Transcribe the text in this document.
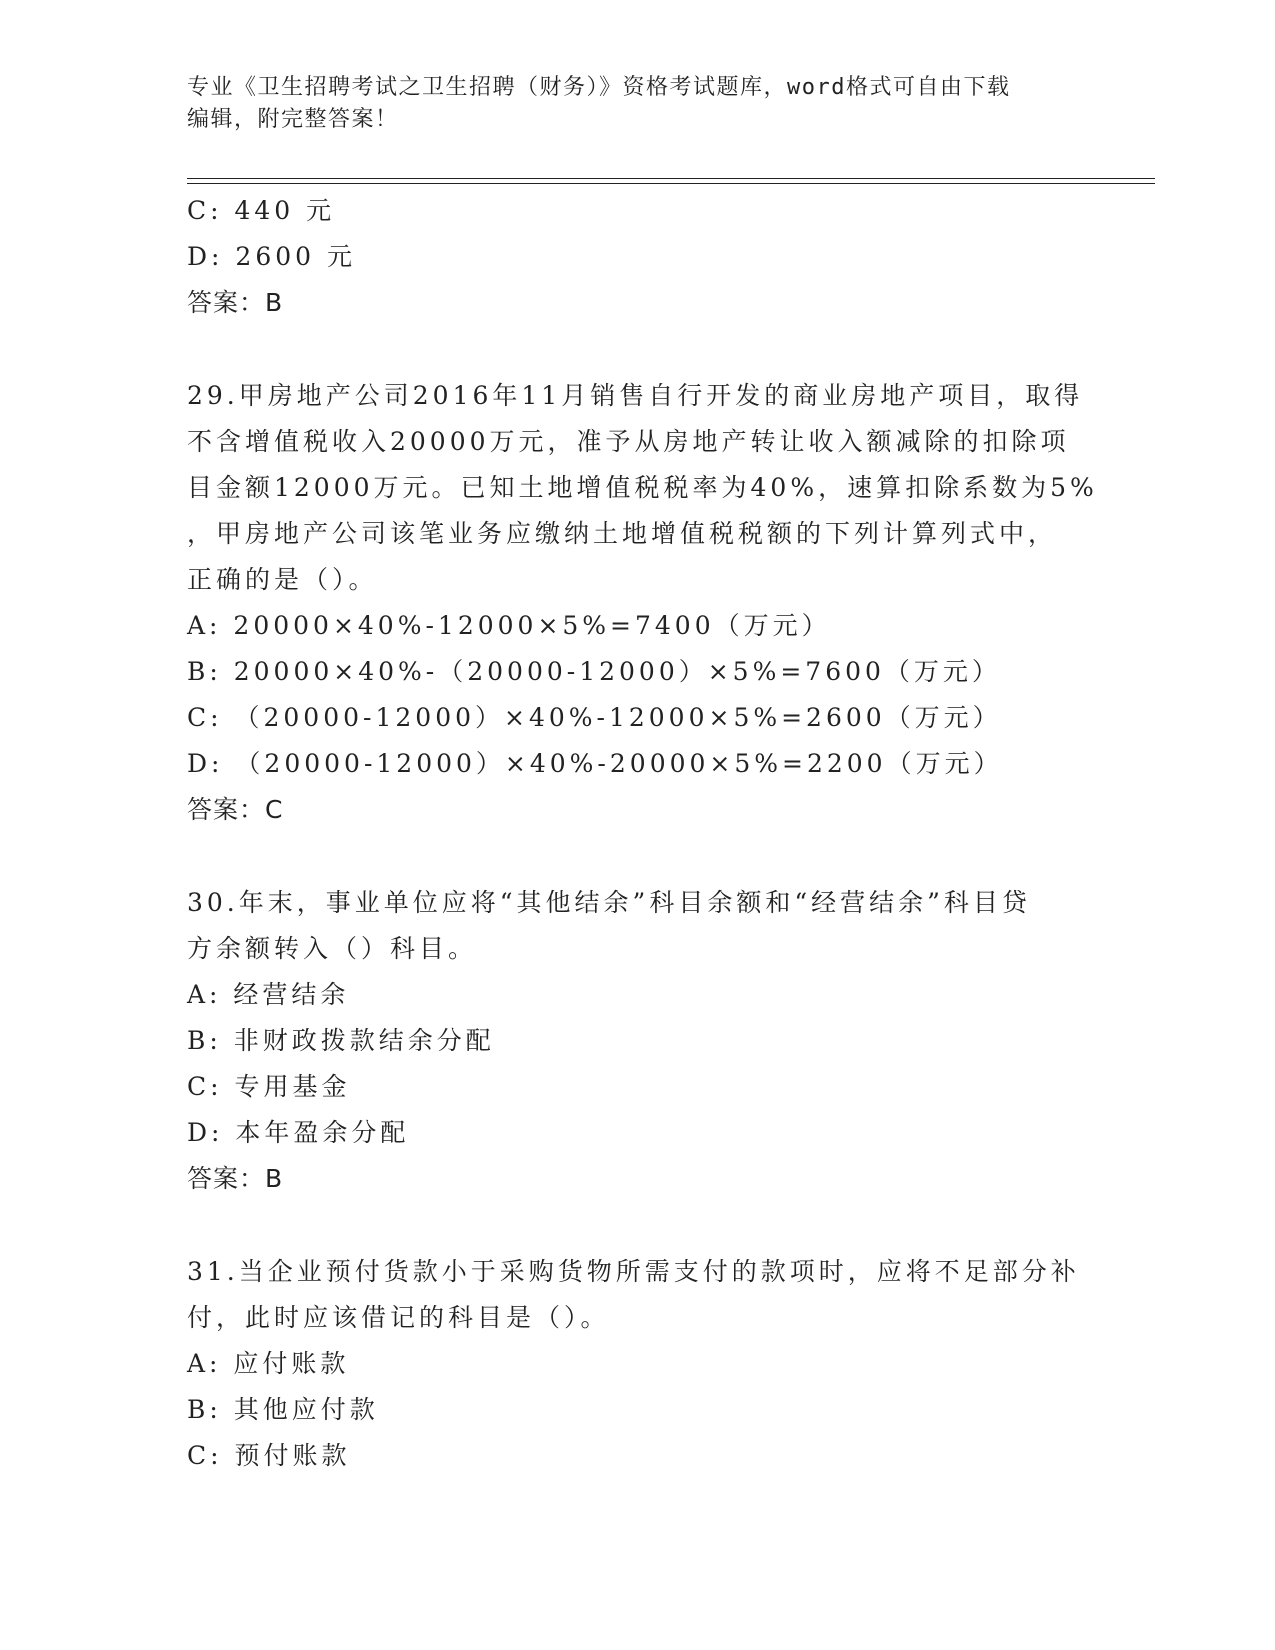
专业《卫生招聘考试之卫生招聘（财务）》资格考试题库，word格式可自由下载
编辑，附完整答案！
C: 440 元
D: 2600 元
答案：B
29.甲房地产公司2016年11月销售自行开发的商业房地产项目，取得
不含增值税收入20000万元，准予从房地产转让收入额减除的扣除项
目金额12000万元。已知土地增值税税率为40%，速算扣除系数为5%
，甲房地产公司该笔业务应缴纳土地增值税税额的下列计算列式中，
正确的是（）。
A: 20000×40%-12000×5%=7400（万元）
B: 20000×40%-（20000-12000）×5%=7600（万元）
C: （20000-12000）×40%-12000×5%=2600（万元）
D: （20000-12000）×40%-20000×5%=2200（万元）
答案：C
30.年末，事业单位应将“其他结余”科目余额和“经营结余”科目贷
方余额转入（）科目。
A: 经营结余
B: 非财政拨款结余分配
C: 专用基金
D: 本年盈余分配
答案：B
31.当企业预付货款小于采购货物所需支付的款项时，应将不足部分补
付，此时应该借记的科目是（）。
A: 应付账款
B: 其他应付款
C: 预付账款
